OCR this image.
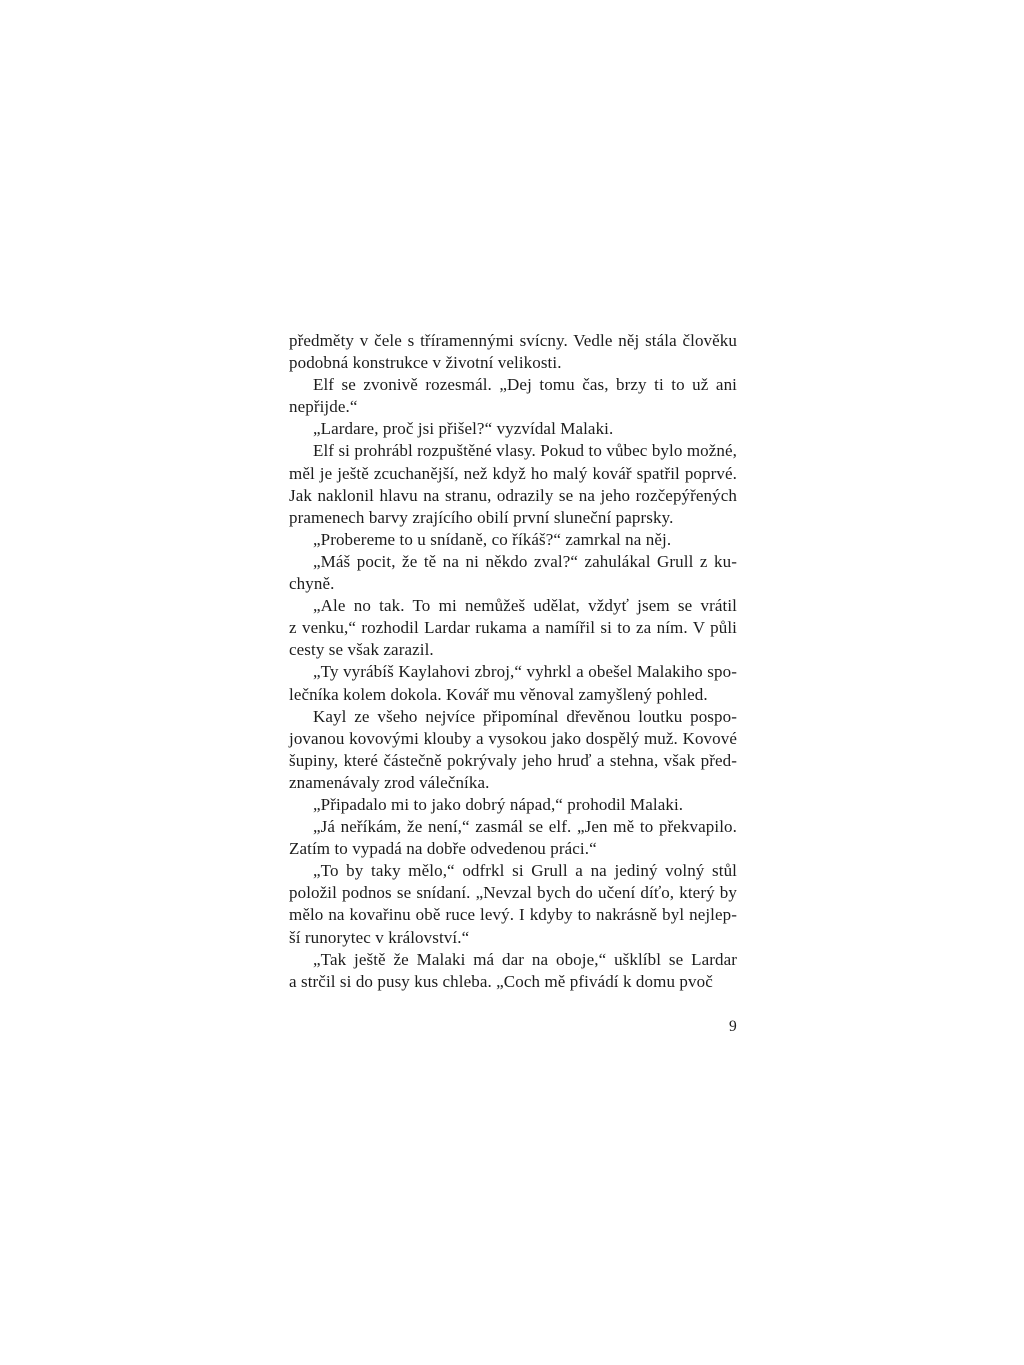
předměty v čele s tříramennými svícny. Vedle něj stála člověku
podobná konstrukce v životní velikosti.
Elf se zvonivě rozesmál. „Dej tomu čas, brzy ti to už ani
nepřijde.“
„Lardare, proč jsi přišel?“ vyzvídal Malaki.
Elf si prohrábl rozpuštěné vlasy. Pokud to vůbec bylo možné,
měl je ještě zcuchanější, než když ho malý kovář spatřil poprvé.
Jak naklonil hlavu na stranu, odrazily se na jeho rozčepýřených
pramenech barvy zrajícího obilí první sluneční paprsky.
„Probereme to u snídaně, co říkáš?“ zamrkal na něj.
„Máš pocit, že tě na ni někdo zval?“ zahulákal Grull z ku-
chyně.
„Ale no tak. To mi nemůžeš udělat, vždyť jsem se vrátil
z venku,“ rozhodil Lardar rukama a namířil si to za ním. V půli
cesty se však zarazil.
„Ty vyrábíš Kaylahovi zbroj,“ vyhrkl a obešel Malakiho spo-
lečníka kolem dokola. Kovář mu věnoval zamyšlený pohled.
Kayl ze všeho nejvíce připomínal dřevěnou loutku pospo-
jovanou kovovými klouby a vysokou jako dospělý muž. Kovové
šupiny, které částečně pokrývaly jeho hruď a stehna, však před-
znamenávaly zrod válečníka.
„Připadalo mi to jako dobrý nápad,“ prohodil Malaki.
„Já neříkám, že není,“ zasmál se elf. „Jen mě to překvapilo.
Zatím to vypadá na dobře odvedenou práci.“
„To by taky mělo,“ odfrkl si Grull a na jediný volný stůl
položil podnos se snídaní. „Nevzal bych do učení díťo, který by
mělo na kovařinu obě ruce levý. I kdyby to nakrásně byl nejlep-
ší runorytec v království.“
„Tak ještě že Malaki má dar na oboje,“ ušklíbl se Lardar
a strčil si do pusy kus chleba. „Coch mě pfivádí k domu pvoč
9
